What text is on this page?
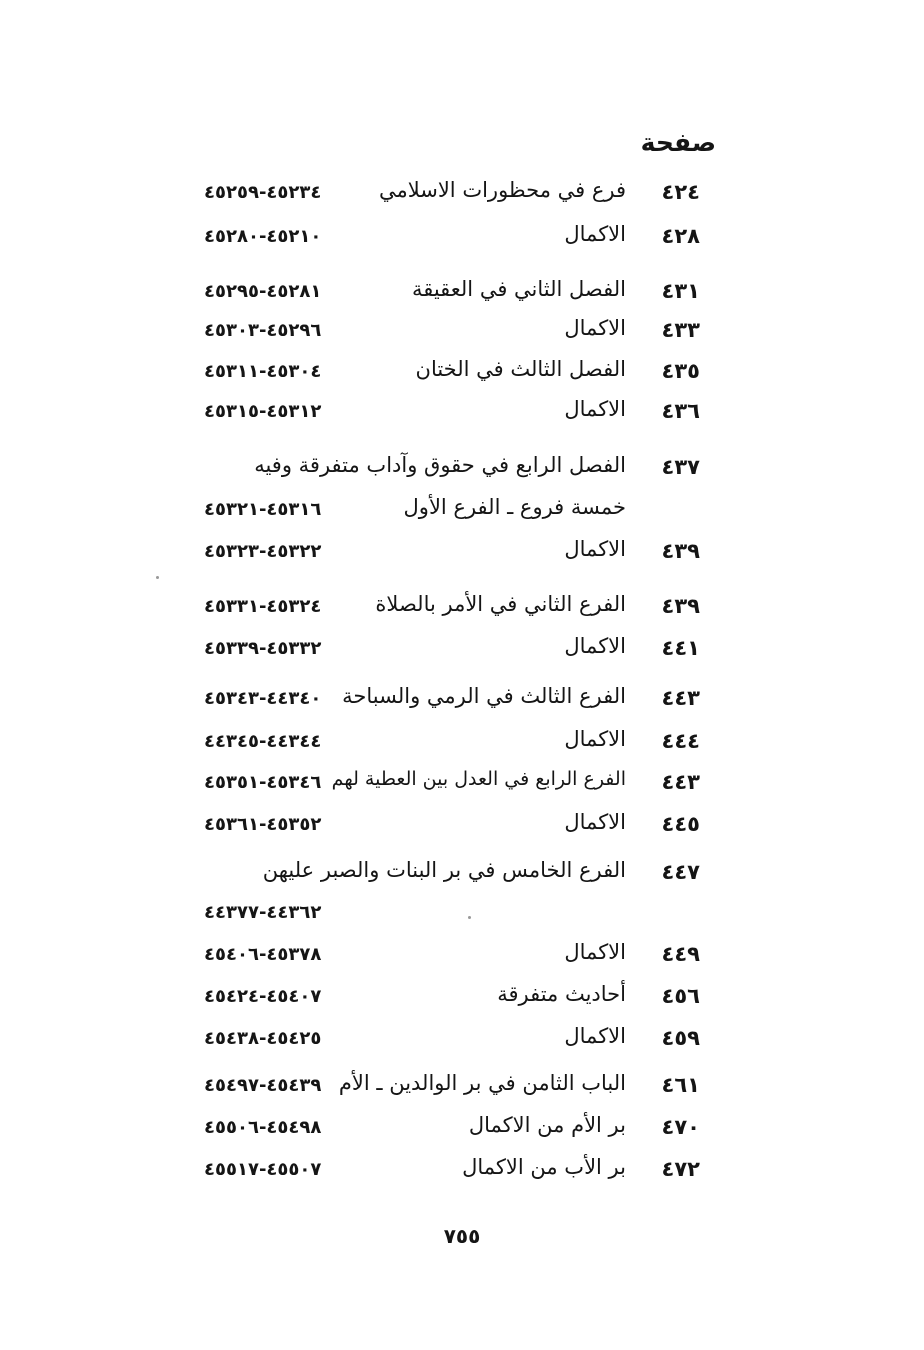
صفحة
٤٢٤
فرع في محظورات الاسلامي
٤٥٢٣٤-٤٥٢٥٩
٤٢٨
الاكمال
٤٥٢١٠-٤٥٢٨٠
٤٣١
الفصل الثاني في العقيقة
٤٥٢٨١-٤٥٢٩٥
٤٣٣
الاكمال
٤٥٢٩٦-٤٥٣٠٣
٤٣٥
الفصل الثالث في الختان
٤٥٣٠٤-٤٥٣١١
٤٣٦
الاكمال
٤٥٣١٢-٤٥٣١٥
٤٣٧
الفصل الرابع في حقوق وآداب متفرقة وفيه
خمسة فروع ـ الفرع الأول
٤٥٣١٦-٤٥٣٢١
٤٣٩
الاكمال
٤٥٣٢٢-٤٥٣٢٣
٤٣٩
الفرع الثاني في الأمر بالصلاة
٤٥٣٢٤-٤٥٣٣١
٤٤١
الاكمال
٤٥٣٣٢-٤٥٣٣٩
٤٤٣
الفرع الثالث في الرمي والسباحة
٤٤٣٤٠-٤٥٣٤٣
٤٤٤
الاكمال
٤٤٣٤٤-٤٤٣٤٥
٤٤٣
الفرع الرابع في العدل بين العطية لهم
٤٥٣٤٦-٤٥٣٥١
٤٤٥
الاكمال
٤٥٣٥٢-٤٥٣٦١
٤٤٧
الفرع الخامس في بر البنات والصبر عليهن
٤٤٣٦٢-٤٤٣٧٧
٤٤٩
الاكمال
٤٥٣٧٨-٤٥٤٠٦
٤٥٦
أحاديث متفرقة
٤٥٤٠٧-٤٥٤٢٤
٤٥٩
الاكمال
٤٥٤٢٥-٤٥٤٣٨
٤٦١
الباب الثامن في بر الوالدين ـ الأم
٤٥٤٣٩-٤٥٤٩٧
٤٧٠
بر الأم من الاكمال
٤٥٤٩٨-٤٥٥٠٦
٤٧٢
بر الأب من الاكمال
٤٥٥٠٧-٤٥٥١٧
٧٥٥
